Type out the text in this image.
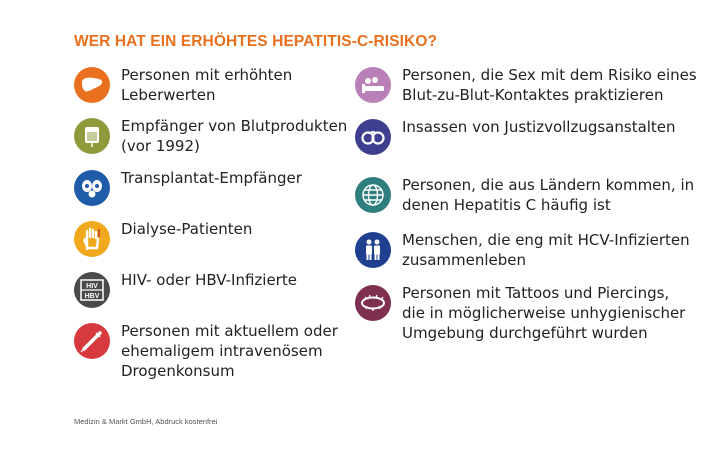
WER HAT EIN ERHÖHTES HEPATITIS-C-RISIKO?
Personen mit erhöhten
Leberwerten
Empfänger von Blutprodukten
(vor 1992)
Transplantat-Empfänger
Dialyse-Patienten
HIV
HBV
HIV- oder HBV-Infizierte
Personen mit aktuellem oder
ehemaligem intravenösem
Drogenkonsum
Personen, die Sex mit dem Risiko eines
Blut-zu-Blut-Kontaktes praktizieren
Insassen von Justizvollzugsanstalten
Personen, die aus Ländern kommen, in
denen Hepatitis C häufig ist
Menschen, die eng mit HCV-Infizierten
zusammenleben
Personen mit Tattoos und Piercings,
die in möglicherweise unhygienischer
Umgebung durchgeführt wurden
Medizin & Markt GmbH, Abdruck kostenfrei
